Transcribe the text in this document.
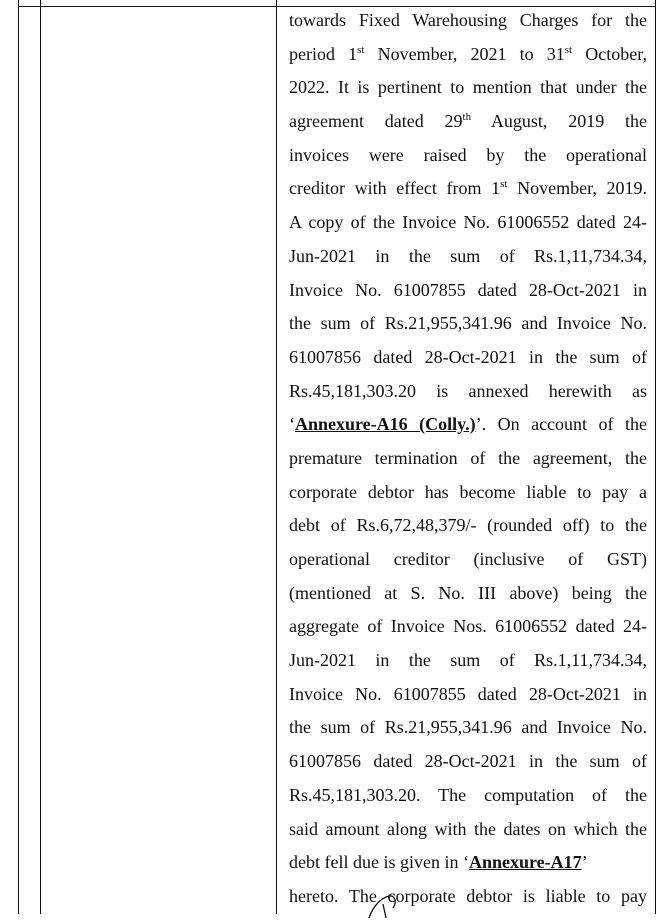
towards Fixed Warehousing Charges for the
period 1st November, 2021 to 31st October,
2022. It is pertinent to mention that under the
agreement dated 29th August, 2019 the
invoices were raised by the operational
creditor with effect from 1st November, 2019.
A copy of the Invoice No. 61006552 dated 24-
Jun-2021 in the sum of Rs.1,11,734.34,
Invoice No. 61007855 dated 28-Oct-2021 in
the sum of Rs.21,955,341.96 and Invoice No.
61007856 dated 28-Oct-2021 in the sum of
Rs.45,181,303.20 is annexed herewith as
‘Annexure-A16 (Colly.)’. On account of the
premature termination of the agreement, the
corporate debtor has become liable to pay a
debt of Rs.6,72,48,379/- (rounded off) to the
operational creditor (inclusive of GST)
(mentioned at S. No. III above) being the
aggregate of Invoice Nos. 61006552 dated 24-
Jun-2021 in the sum of Rs.1,11,734.34,
Invoice No. 61007855 dated 28-Oct-2021 in
the sum of Rs.21,955,341.96 and Invoice No.
61007856 dated 28-Oct-2021 in the sum of
Rs.45,181,303.20. The computation of the
said amount along with the dates on which the
debt fell due is given in ‘Annexure-A17’
hereto. The corporate debtor is liable to pay
